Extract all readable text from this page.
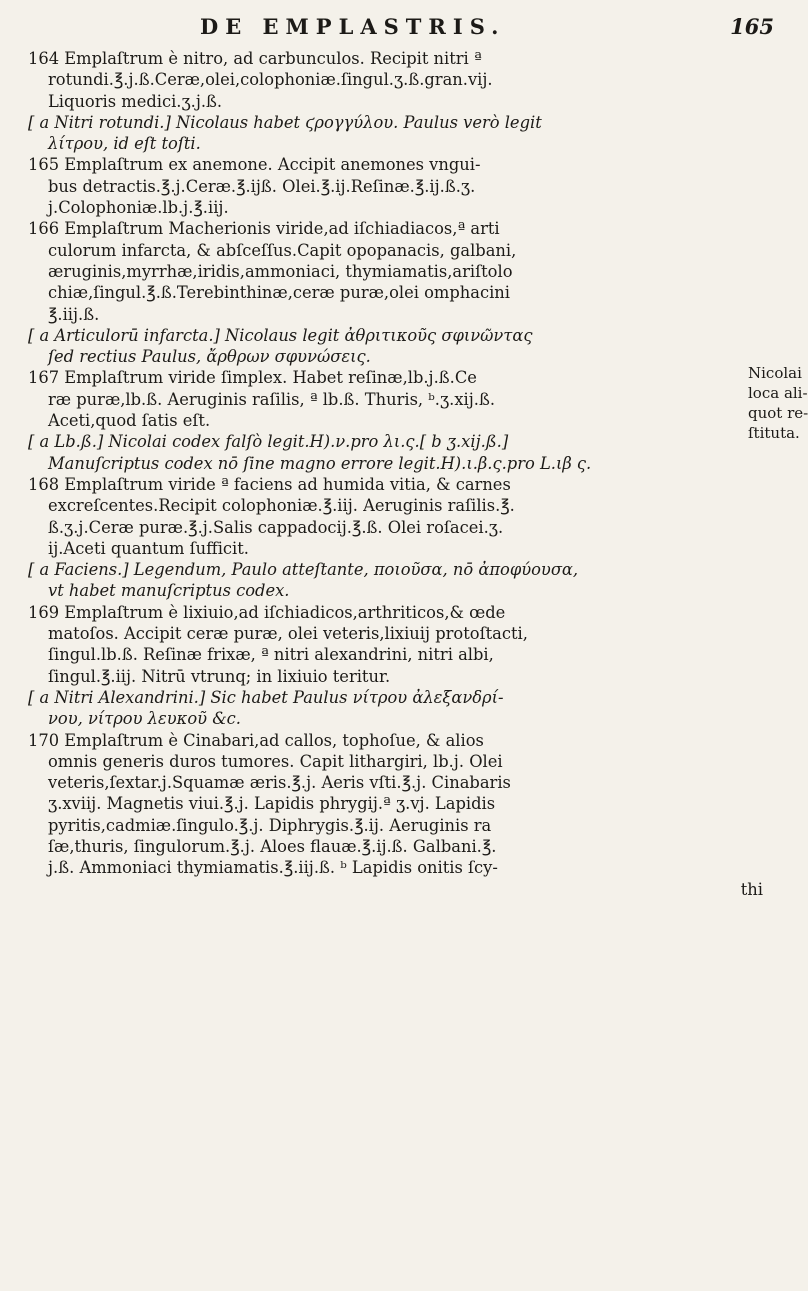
DE EMPLASTRIS.	165
164 Emplaſtrum è nitro, ad carbunculos. Recipit nitri ª
rotundi.℥.j.ß.Ceræ,olei,colophoniæ.ſingul.ʒ.ß.gran.vij.
Liquoris medici.ʒ.j.ß.
[ a Nitri rotundi.] Nicolaus habet ϛρογγύλου. Paulus verò legit
λίτρου, id eſt toſti.
165 Emplaſtrum ex anemone. Accipit anemones vngui-
bus detractis.℥.j.Ceræ.℥.ijß. Olei.℥.ij.Reſinæ.℥.ij.ß.ʒ.
j.Colophoniæ.lb.j.℥.iij.
166 Emplaſtrum Macherionis viride,ad iſchiadiacos,ª arti
culorum infarcta, & abſceſſus.Capit opopanacis, galbani,
æruginis,myrrhæ,iridis,ammoniaci, thymiamatis,ariſtolo
chiæ,ſingul.℥.ß.Terebinthinæ,ceræ puræ,olei omphacini
℥.iij.ß.
[ a Articulorū infarcta.] Nicolaus legit ἀθριτικοῦς σφινῶντας
ſed rectius Paulus, ἄρθρων σφυνώσεις.
167 Emplaſtrum viride ſimplex. Habet reſinæ,lb.j.ß.Ce
ræ puræ,lb.ß. Aeruginis raſilis, ª lb.ß. Thuris, ᵇ.ʒ.xij.ß.
Aceti,quod ſatis eſt.
[ a Lb.ß.] Nicolai codex falſò legit.H).ν.pro λι.ς.[ b ʒ.xij.ß.]
Manuſcriptus codex nō ſine magno errore legit.H).ι.β.ς.pro L.ιβ ς.
168 Emplaſtrum viride ª faciens ad humida vitia, & carnes
excreſcentes.Recipit colophoniæ.℥.iij. Aeruginis raſilis.℥.
ß.ʒ.j.Ceræ puræ.℥.j.Salis cappadocij.℥.ß. Olei roſacei.ʒ.
ij.Aceti quantum ſufficit.
[ a Faciens.] Legendum, Paulo atteſtante, ποιοῦσα, nō ἀποφύουσα,
vt habet manuſcriptus codex.
169 Emplaſtrum è lixiuio,ad iſchiadicos,arthriticos,& œde
matoſos. Accipit ceræ puræ, olei veteris,lixiuij protoſtacti,
ſingul.lb.ß. Reſinæ frixæ, ª nitri alexandrini, nitri albi,
ſingul.℥.iij. Nitrū vtrunq; in lixiuio teritur.
[ a Nitri Alexandrini.] Sic habet Paulus νίτρου ἀλεξανδρί-
νου, νίτρου λευκοῦ &c.
170 Emplaſtrum è Cinabari,ad callos, tophoſue, & alios
omnis generis duros tumores. Capit lithargiri, lb.j. Olei
veteris,ſextar.j.Squamæ æris.℥.j. Aeris vſti.℥.j. Cinabaris
ʒ.xviij. Magnetis viui.℥.j. Lapidis phrygij.ª ʒ.vj. Lapidis
pyritis,cadmiæ.ſingulo.℥.j. Diphrygis.℥.ij. Aeruginis ra
ſæ,thuris, ſingulorum.℥.j. Aloes flauæ.℥.ij.ß. Galbani.℥.
j.ß. Ammoniaci thymiamatis.℥.iij.ß. ᵇ Lapidis onitis ſcy-
thi
Nicolai
loca ali-
quot re-
ſtituta.
